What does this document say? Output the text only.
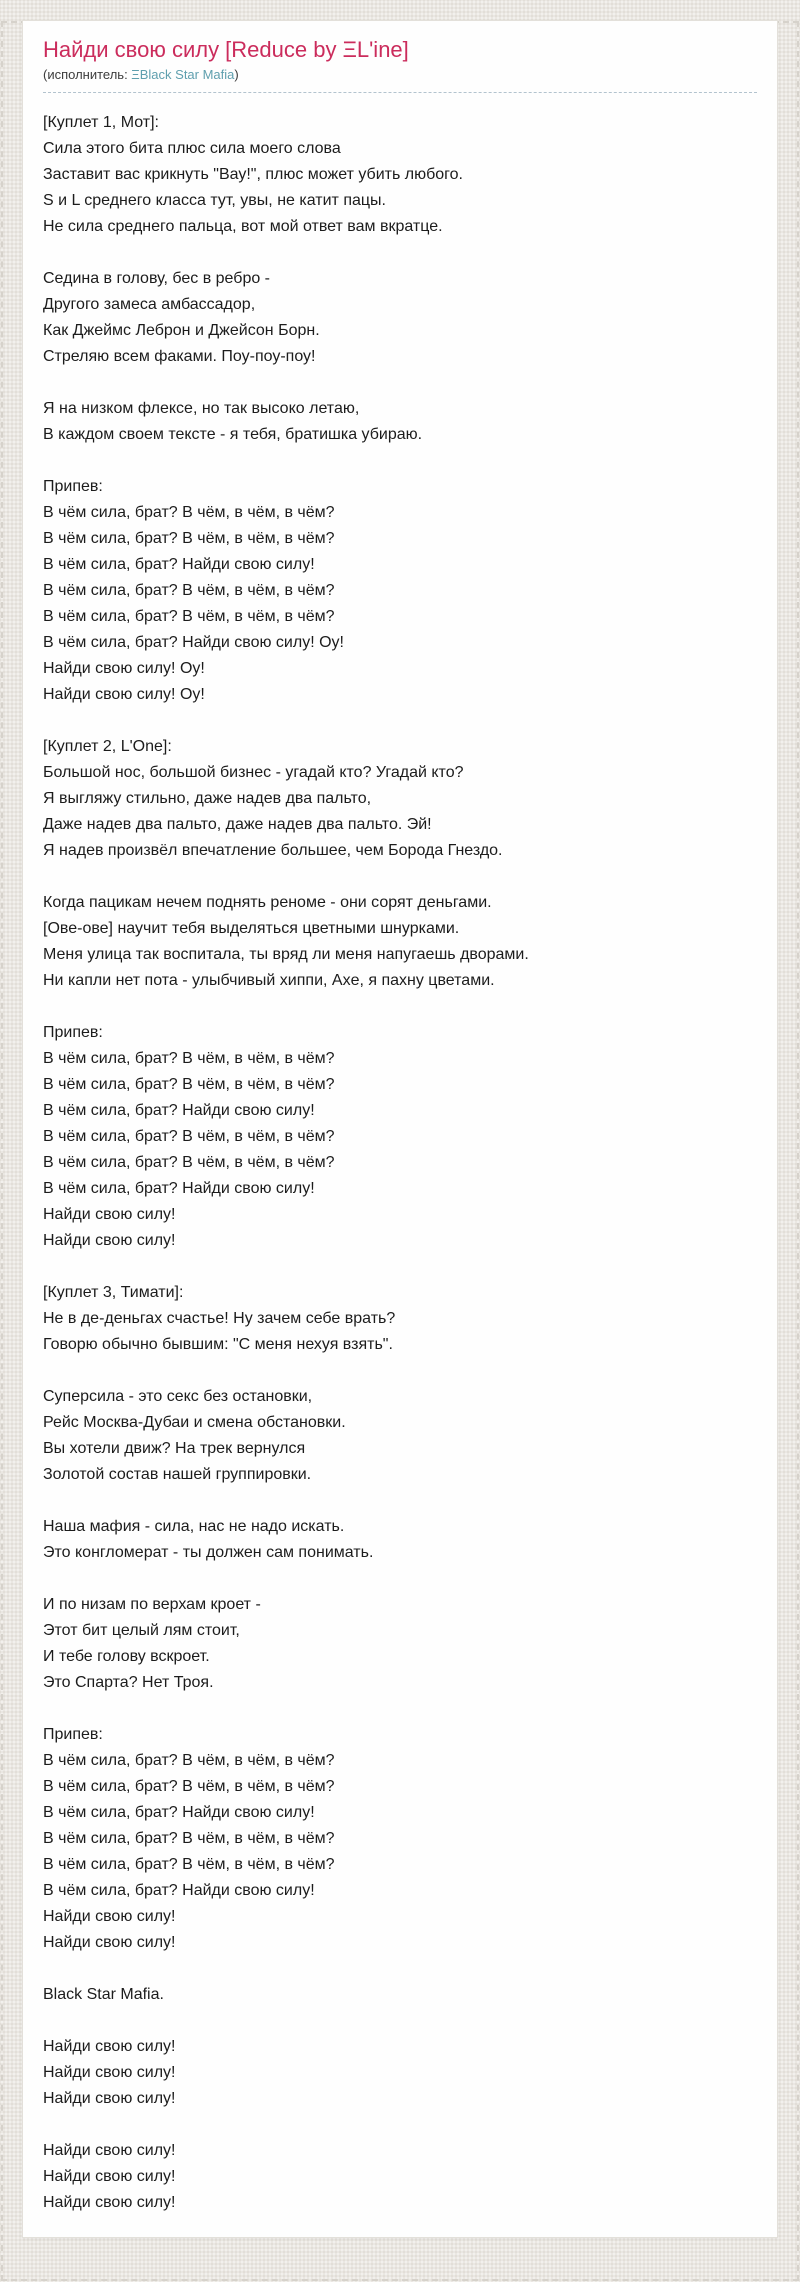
Найди свою силу [Reduce by ΞL'ine]
(исполнитель: ΞBlack Star Mafia)
[Куплет 1, Мот]:
Сила этого бита плюс сила моего слова
Заставит вас крикнуть "Вау!", плюс может убить любого.
S и L среднего класса тут, увы, не катит пацы.
Не сила среднего пальца, вот мой ответ вам вкратце.

Седина в голову, бес в ребро -
Другого замеса амбассадор,
Как Джеймс Леброн и Джейсон Борн.
Стреляю всем факами. Поу-поу-поу!

Я на низком флексе, но так высоко летаю,
В каждом своем тексте - я тебя, братишка убираю.

Припев:
В чём сила, брат? В чём, в чём, в чём?
В чём сила, брат? В чём, в чём, в чём?
В чём сила, брат? Найди свою силу!
В чём сила, брат? В чём, в чём, в чём?
В чём сила, брат? В чём, в чём, в чём?
В чём сила, брат? Найди свою силу! Оу!
Найди свою силу! Оу!
Найди свою силу! Оу!

[Куплет 2, L'One]:
Большой нос, большой бизнес - угадай кто? Угадай кто?
Я выгляжу стильно, даже надев два пальто,
Даже надев два пальто, даже надев два пальто. Эй!
Я надев произвёл впечатление большее, чем Борода Гнездо.

Когда пацикам нечем поднять реноме - они сорят деньгами.
[Ове-ове] научит тебя выделяться цветными шнурками.
Меня улица так воспитала, ты вряд ли меня напугаешь дворами.
Ни капли нет пота - улыбчивый хиппи, Axe, я пахну цветами.

Припев:
В чём сила, брат? В чём, в чём, в чём?
В чём сила, брат? В чём, в чём, в чём?
В чём сила, брат? Найди свою силу!
В чём сила, брат? В чём, в чём, в чём?
В чём сила, брат? В чём, в чём, в чём?
В чём сила, брат? Найди свою силу!
Найди свою силу!
Найди свою силу!

[Куплет 3, Тимати]:
Не в де-деньгах счастье! Ну зачем себе врать?
Говорю обычно бывшим: "С меня нехуя взять".

Суперсила - это секс без остановки,
Рейс Москва-Дубаи и смена обстановки.
Вы хотели движ? На трек вернулся
Золотой состав нашей группировки.

Наша мафия - сила, нас не надо искать.
Это конгломерат - ты должен сам понимать.

И по низам по верхам кроет -
Этот бит целый лям стоит,
И тебе голову вскроет.
Это Спарта? Нет Троя.

Припев:
В чём сила, брат? В чём, в чём, в чём?
В чём сила, брат? В чём, в чём, в чём?
В чём сила, брат? Найди свою силу!
В чём сила, брат? В чём, в чём, в чём?
В чём сила, брат? В чём, в чём, в чём?
В чём сила, брат? Найди свою силу!
Найди свою силу!
Найди свою силу!

Black Star Mafia.

Найди свою силу!
Найди свою силу!
Найди свою силу!

Найди свою силу!
Найди свою силу!
Найди свою силу!
